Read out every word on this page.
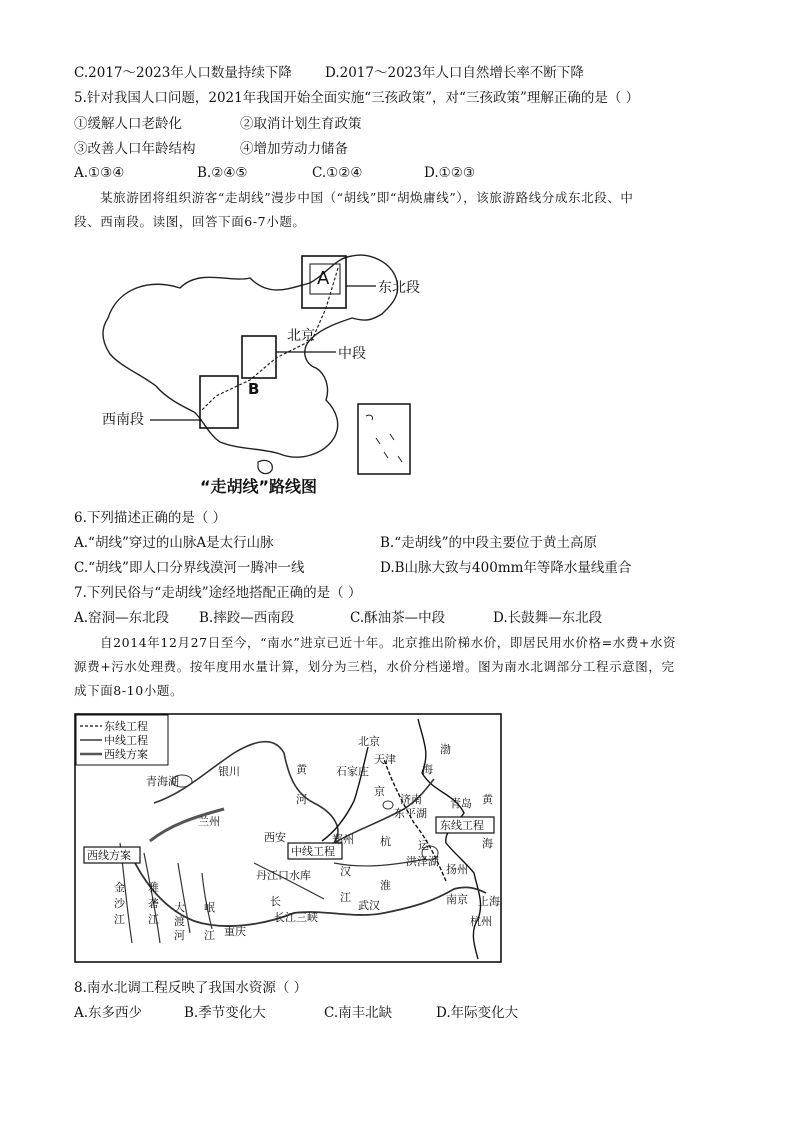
C.2017～2023年人口数量持续下降 D.2017～2023年人口自然增长率不断下降
5.针对我国人口问题，2021年我国开始全面实施“三孩政策”，对“三孩政策”理解正确的是（ ）
①缓解人口老龄化	②取消计划生育政策
③改善人口年龄结构	④增加劳动力储备
A.①③④	B.②④⑤	C.①②④	D.①②③
某旅游团将组织游客“走胡线”漫步中国（“胡线”即“胡焕庸线”），该旅游路线分成东北段、中
段、西南段。读图，回答下面6-7小题。
A
B
北京
东北段
中段
西南段
“走胡线”路线图
6.下列描述正确的是（ ）
A.“胡线”穿过的山脉A是太行山脉	B.“走胡线”的中段主要位于黄土高原
C.“胡线”即人口分界线漠河一腾冲一线	D.B山脉大致与400mm年等降水量线重合
7.下列民俗与“走胡线”途经地搭配正确的是（ ）
A.窑洞—东北段 B.摔跤—西南段	C.酥油茶—中段	D.长鼓舞—东北段
自2014年12月27日至今，“南水”进京已近十年。北京推出阶梯水价，即居民用水价格=水费+水资
源费+污水处理费。按年度用水量计算，划分为三档，水价分档递增。图为南水北调部分工程示意图，完
成下面8-10小题。
东线工程
中线工程
西线方案
东线工程
中线工程
西线方案
北京
天津
石家庄
济南
东平湖
青岛
银川
兰州
西安	郑州
青海湖
丹江口水库
长江三峡
武汉
重庆
南京 上海
杭州
扬州
洪泽湖
黄河
渤
海
黄海
金沙江
雅砻江
大渡河
岷江
汉江
淮
运
京杭
长
8.南水北调工程反映了我国水资源（ ）
A.东多西少	B.季节变化大	C.南丰北缺	D.年际变化大
